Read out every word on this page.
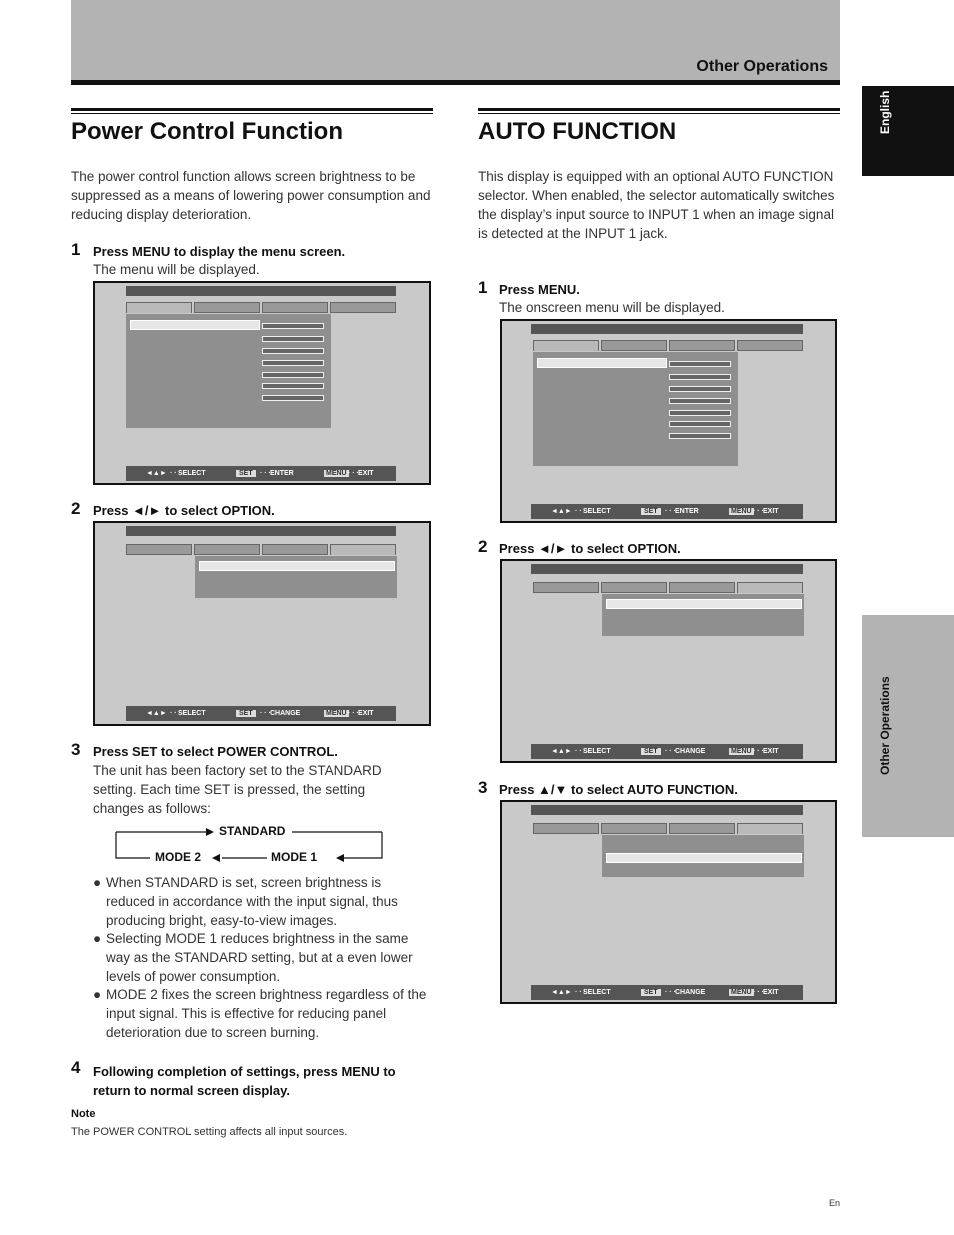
Other Operations
English
Other Operations
Power Control Function
The power control function allows screen brightness to be suppressed as a means of lowering power consumption and reducing display deterioration.
1 Press MENU to display the menu screen.
The menu will be displayed.
◄▲► · · ·
SELECT	SET	· · · ENTER	MENU · · · EXIT
2 Press ◄/► to select OPTION.
◄▲► · · ·
SELECT	SET	· · · CHANGE	MENU · · · EXIT
3 Press SET to select POWER CONTROL.
The unit has been factory set to the STANDARD setting. Each time SET is pressed, the setting changes as follows:
STANDARD
MODE 2	MODE 1
● When STANDARD is set, screen brightness is reduced in accordance with the input signal, thus producing bright, easy-to-view images.
● Selecting MODE 1 reduces brightness in the same way as the STANDARD setting, but at a even lower levels of power consumption.
● MODE 2 fixes the screen brightness regardless of the input signal. This is effective for reducing panel deterioration due to screen burning.
4 Following completion of settings, press MENU to return to normal screen display.
Note
The POWER CONTROL setting affects all input sources.
AUTO FUNCTION
This display is equipped with an optional AUTO FUNCTION selector. When enabled, the selector automatically switches the display’s input source to INPUT 1 when an image signal is detected at the INPUT 1 jack.
1 Press MENU.
The onscreen menu will be displayed.
◄▲► · · ·
SELECT	SET	· · · ENTER	MENU · · · EXIT
2 Press ◄/► to select OPTION.
◄▲► · · ·
SELECT	SET	· · · CHANGE	MENU · · · EXIT
3 Press ▲/▼ to select AUTO FUNCTION.
◄▲► · · ·
SELECT	SET	· · · CHANGE	MENU · · · EXIT
En
